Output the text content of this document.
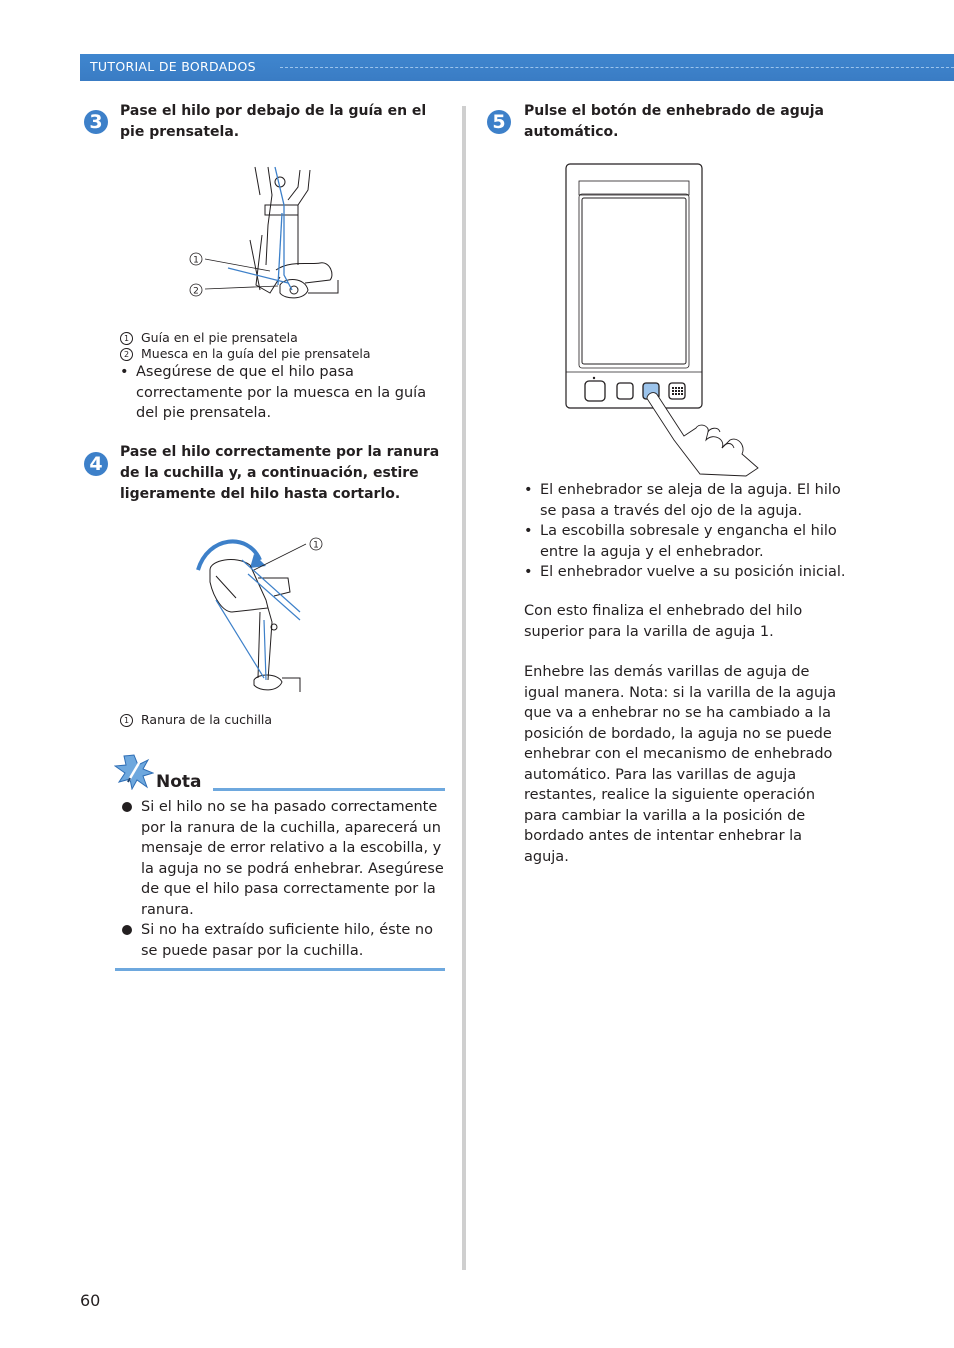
TUTORIAL DE BORDADOS
3	Pase el hilo por debajo de la guía en el pie prensatela.
1
2
1 Guía en el pie prensatela
2 Muesca en la guía del pie prensatela
• Asegúrese de que el hilo pasa correctamente por la muesca en la guía del pie prensatela.
4
Pase el hilo correctamente por la ranura de la cuchilla y, a continuación, estire ligeramente del hilo hasta cortarlo.
1
1 Ranura de la cuchilla
Nota
Si el hilo no se ha pasado correctamente por la ranura de la cuchilla, aparecerá un mensaje de error relativo a la escobilla, y la aguja no se podrá enhebrar. Asegúrese de que el hilo pasa correctamente por la ranura.
Si no ha extraído suficiente hilo, éste no se puede pasar por la cuchilla.
5	Pulse el botón de enhebrado de aguja automático.
• El enhebrador se aleja de la aguja. El hilo se pasa a través del ojo de la aguja.
• La escobilla sobresale y engancha el hilo entre la aguja y el enhebrador.
• El enhebrador vuelve a su posición inicial.
Con esto finaliza el enhebrado del hilo superior para la varilla de aguja 1.
Enhebre las demás varillas de aguja de igual manera. Nota: si la varilla de la aguja que va a enhebrar no se ha cambiado a la posición de bordado, la aguja no se puede enhebrar con el mecanismo de enhebrado automático. Para las varillas de aguja restantes, realice la siguiente operación para cambiar la varilla a la posición de bordado antes de intentar enhebrar la aguja.
60
